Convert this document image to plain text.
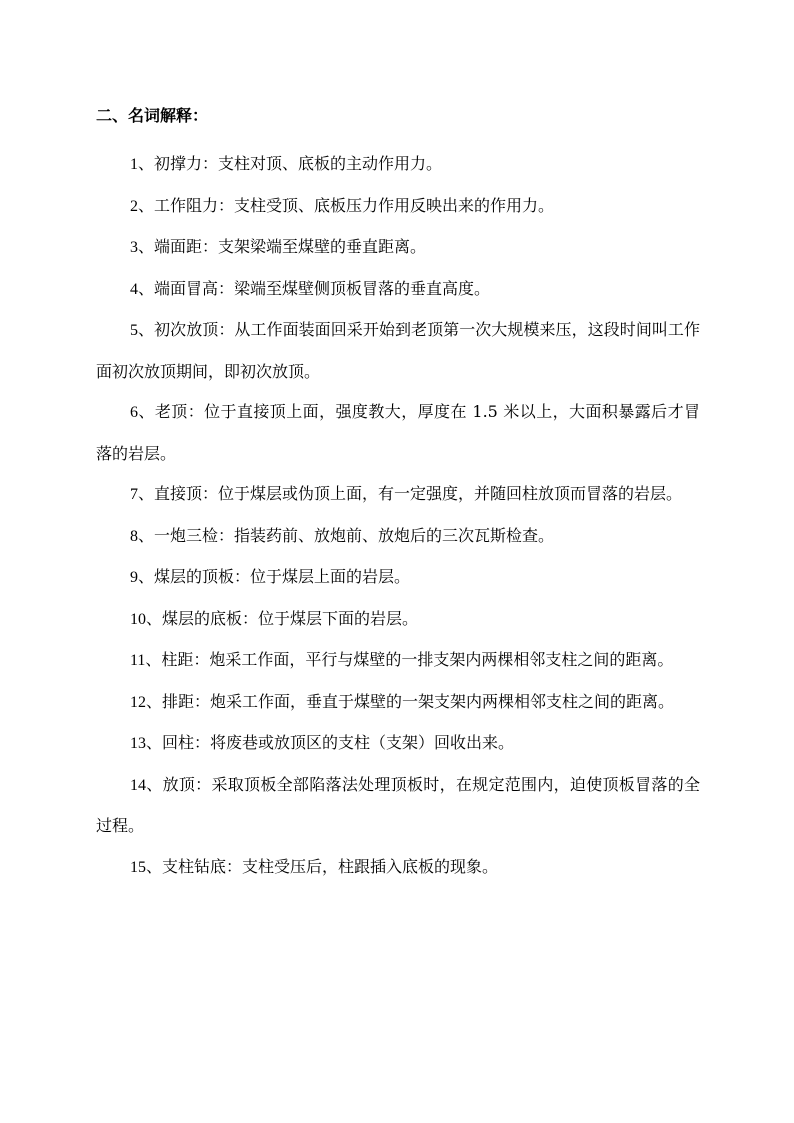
二、名词解释：

1、初撑力：支柱对顶、底板的主动作用力。

2、工作阻力：支柱受顶、底板压力作用反映出来的作用力。

3、端面距：支架梁端至煤壁的垂直距离。

4、端面冒高：梁端至煤壁侧顶板冒落的垂直高度。

5、初次放顶：从工作面装面回采开始到老顶第一次大规模来压，这段时间叫工作面初次放顶期间，即初次放顶。

6、老顶：位于直接顶上面，强度教大，厚度在 1.5 米以上，大面积暴露后才冒落的岩层。

7、直接顶：位于煤层或伪顶上面，有一定强度，并随回柱放顶而冒落的岩层。

8、一炮三检：指装药前、放炮前、放炮后的三次瓦斯检查。

9、煤层的顶板：位于煤层上面的岩层。

10、煤层的底板：位于煤层下面的岩层。

11、柱距：炮采工作面，平行与煤壁的一排支架内两棵相邻支柱之间的距离。

12、排距：炮采工作面，垂直于煤壁的一架支架内两棵相邻支柱之间的距离。

13、回柱：将废巷或放顶区的支柱（支架）回收出来。

14、放顶：采取顶板全部陷落法处理顶板时，在规定范围内，迫使顶板冒落的全过程。

15、支柱钻底：支柱受压后，柱跟插入底板的现象。
